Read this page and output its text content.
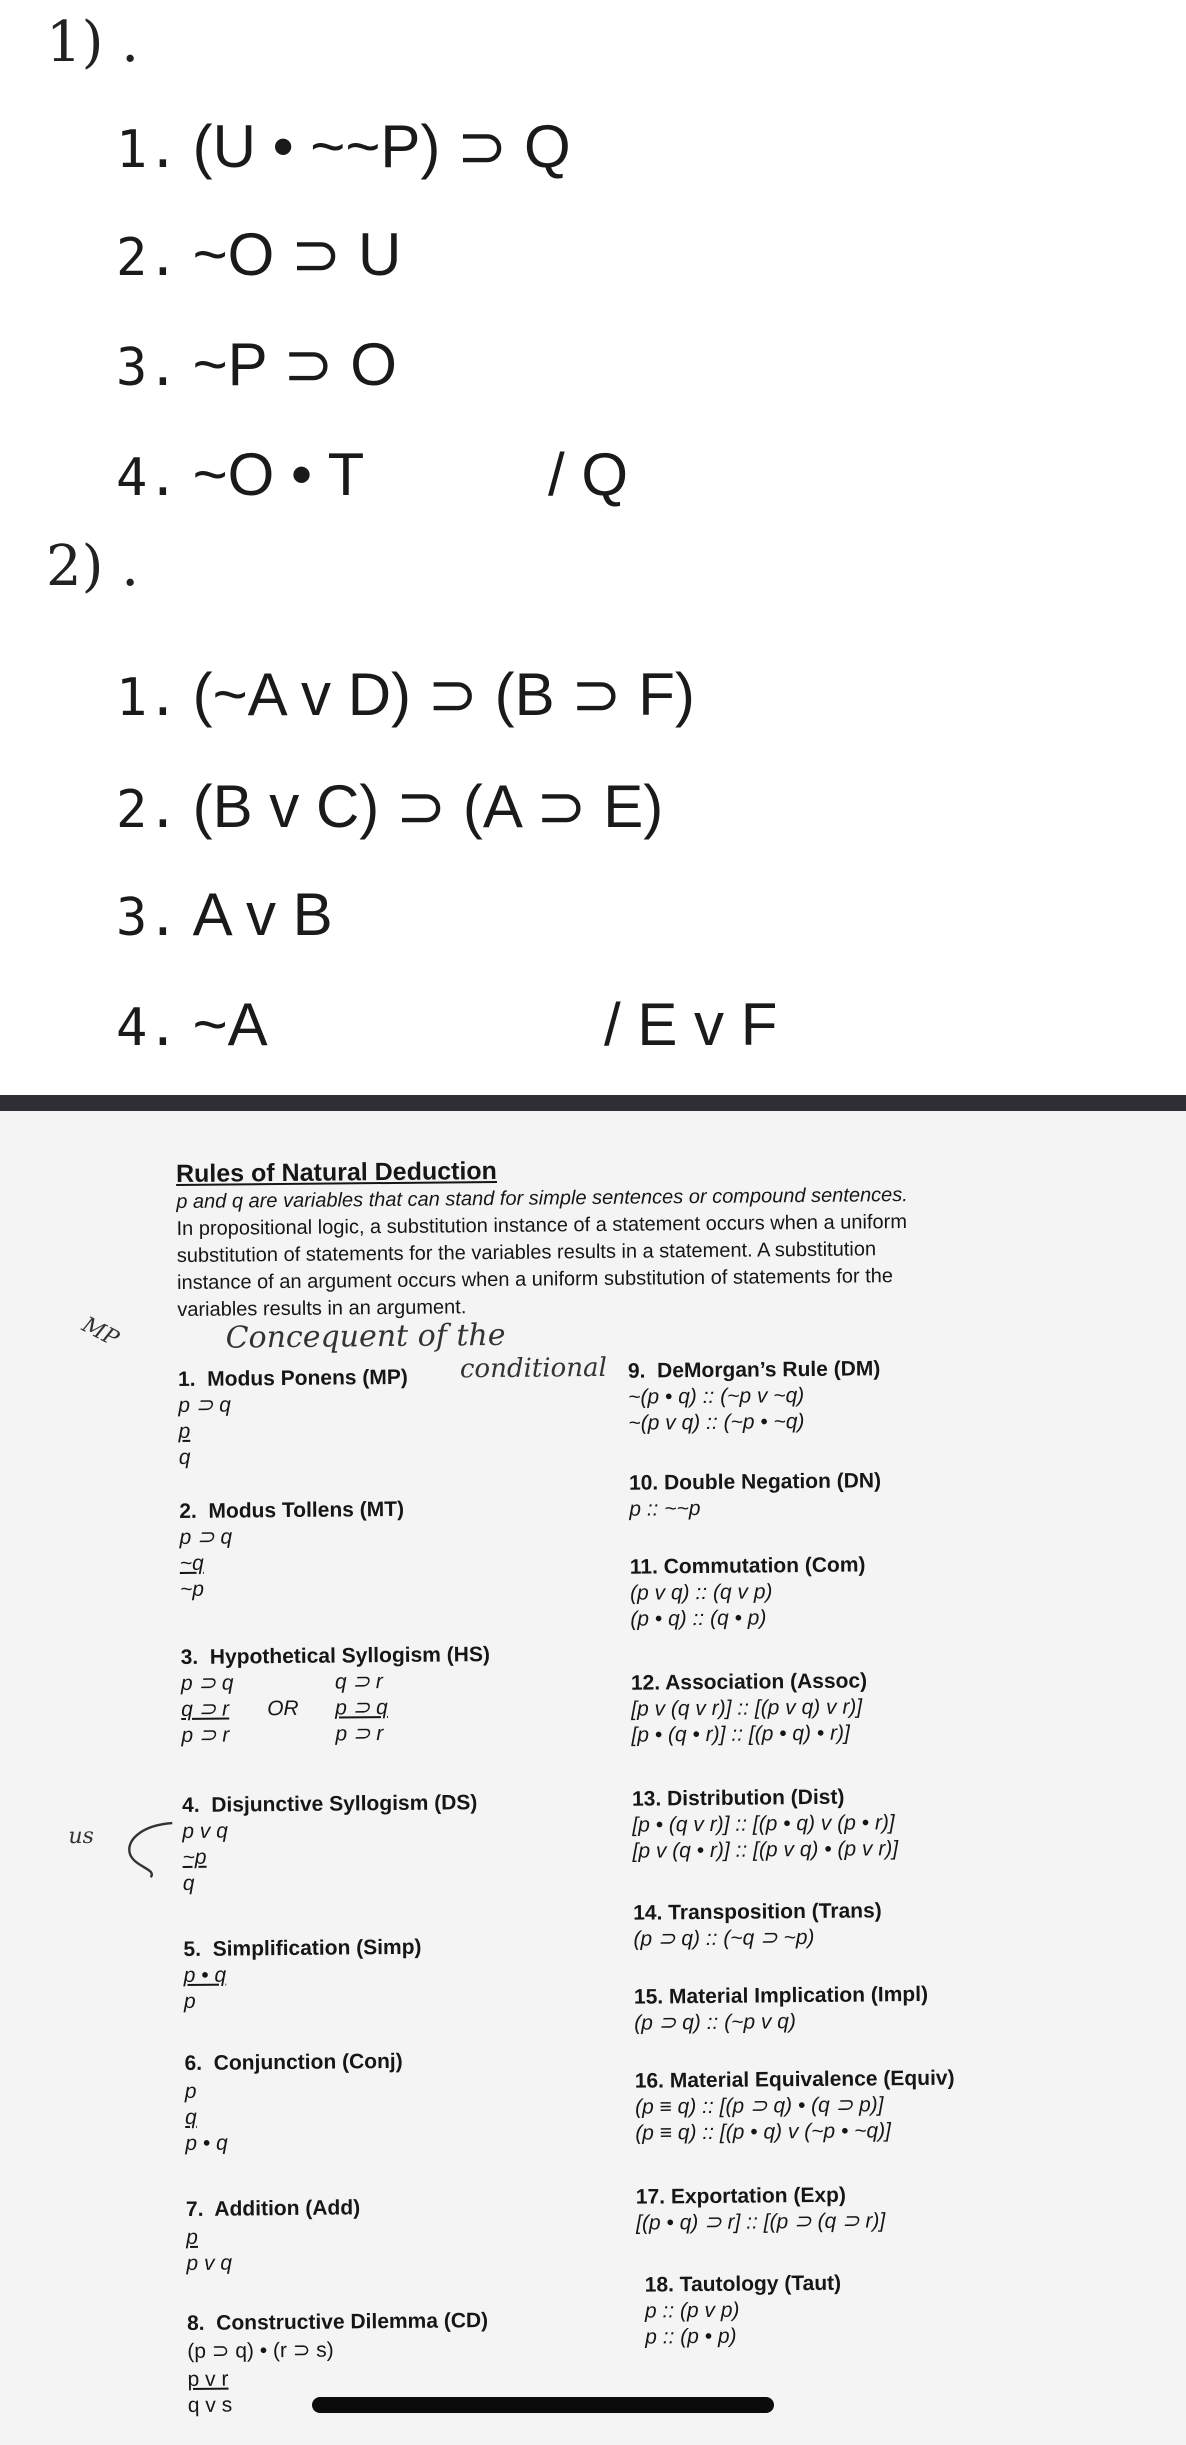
1) .
1. (U • ~~P) ⊃ Q
2. ~O ⊃ U
3. ~P ⊃ O
4. ~O • T	/ Q
2) .
1. (~A v D) ⊃ (B ⊃ F)
2. (B v C) ⊃ (A ⊃ E)
3. A v B
4. ~A	/ E v F
Rules of Natural Deduction
p and q are variables that can stand for simple sentences or compound sentences.
In propositional logic, a substitution instance of a statement occurs when a uniform
substitution of statements for the variables results in a statement. A substitution
instance of an argument occurs when a uniform substitution of statements for the
variables results in an argument.
MP	Concequent of the
conditional
us
1.  Modus Ponens (MP)
p ⊃ q
p
q
2.  Modus Tollens (MT)
p ⊃ q
~q
~p
3.  Hypothetical Syllogism (HS)
p ⊃ q
q ⊃ r
p ⊃ r
OR
q ⊃ r
p ⊃ q
p ⊃ r
4.  Disjunctive Syllogism (DS)
p v q
~p
q
5.  Simplification (Simp)
p • q
p
6.  Conjunction (Conj)
p
q
p • q
7.  Addition (Add)
p
p v q
8.  Constructive Dilemma (CD)
(p ⊃ q) • (r ⊃ s)
p v r
q v s
9.  DeMorgan’s Rule (DM)
~(p • q) :: (~p v ~q)
~(p v q) :: (~p • ~q)
10. Double Negation (DN)
p :: ~~p
11. Commutation (Com)
(p v q) :: (q v p)
(p • q) :: (q • p)
12. Association (Assoc)
[p v (q v r)] :: [(p v q) v r)]
[p • (q • r)] :: [(p • q) • r)]
13. Distribution (Dist)
[p • (q v r)] :: [(p • q) v (p • r)]
[p v (q • r)] :: [(p v q) • (p v r)]
14. Transposition (Trans)
(p ⊃ q) :: (~q ⊃ ~p)
15. Material Implication (Impl)
(p ⊃ q) :: (~p v q)
16. Material Equivalence (Equiv)
(p ≡ q) :: [(p ⊃ q) • (q ⊃ p)]
(p ≡ q) :: [(p • q) v (~p • ~q)]
17. Exportation (Exp)
[(p • q) ⊃ r] :: [(p ⊃ (q ⊃ r)]
18. Tautology (Taut)
p :: (p v p)
p :: (p • p)
